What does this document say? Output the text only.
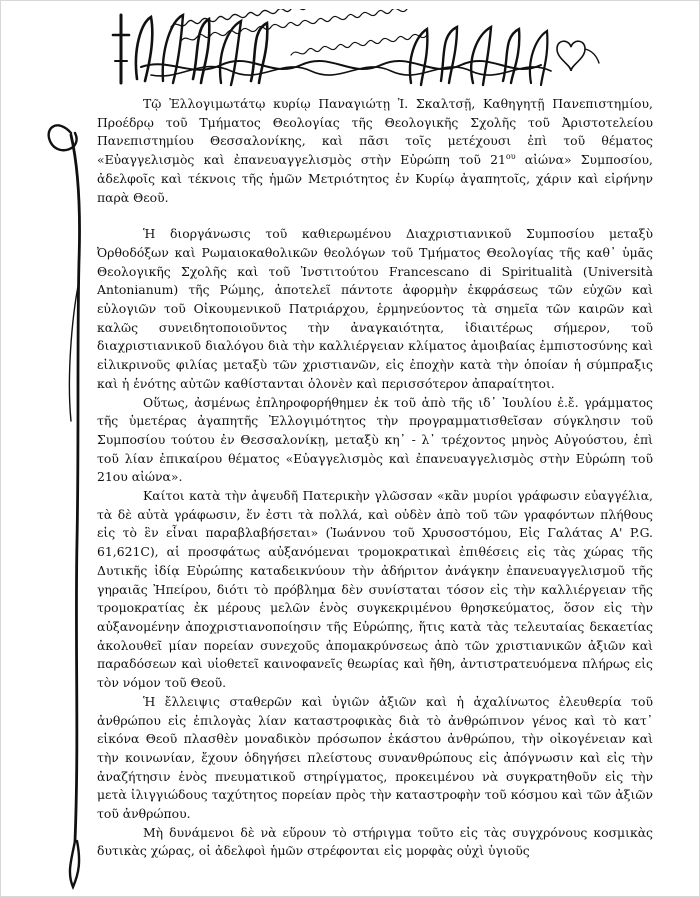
Τῷ Ἐλλογιμωτάτῳ κυρίῳ Παναγιώτῃ Ἰ. Σκαλτσῇ, Καθηγητῇ Πανεπιστημίου, Προέδρῳ τοῦ Τμήματος Θεολογίας τῆς Θεολογικῆς Σχολῆς τοῦ Ἀριστοτελείου Πανεπιστημίου Θεσσαλονίκης, καὶ πᾶσι τοῖς μετέχουσι ἐπὶ τοῦ θέματος «Εὐαγγελισμὸς καὶ ἐπανευαγγελισμὸς στὴν Εὐρώπη τοῦ $21^{o\upsilon}$ αἰώνα» Συμποσίου, ἀδελφοῖς καὶ τέκνοις τῆς ἡμῶν Μετριότητος ἐν Κυρίῳ ἀγαπητοῖς, χάριν καὶ εἰρήνην παρὰ Θεοῦ.

Ἡ διοργάνωσις τοῦ καθιερωμένου Διαχριστιανικοῦ Συμποσίου μεταξὺ Ὀρθοδόξων καὶ Ρωμαιοκαθολικῶν θεολόγων τοῦ Τμήματος Θεολογίας τῆς καθ᾽ ὑμᾶς Θεολογικῆς Σχολῆς καὶ τοῦ Ἰνστιτούτου Francescano di Spiritualità (Università Antonianum) τῆς Ρώμης, ἀποτελεῖ πάντοτε ἀφορμὴν ἐκφράσεως τῶν εὐχῶν καὶ εὐλογιῶν τοῦ Οἰκουμενικοῦ Πατριάρχου, ἑρμηνεύοντος τὰ σημεῖα τῶν καιρῶν καὶ καλῶς συνειδητοποιοῦντος τὴν ἀναγκαιότητα, ἰδιαιτέρως σήμερον, τοῦ διαχριστιανικοῦ διαλόγου διὰ τὴν καλλιέργειαν κλίματος ἀμοιβαίας ἐμπιστοσύνης καὶ εἰλικρινοῦς φιλίας μεταξὺ τῶν χριστιανῶν, εἰς ἐποχὴν κατὰ τὴν ὁποίαν ἡ σύμπραξις καὶ ἡ ἑνότης αὐτῶν καθίστανται ὁλονὲν καὶ περισσότερον ἀπαραίτητοι.

Οὕτως, ἀσμένως ἐπληροφορήθημεν ἐκ τοῦ ἀπὸ τῆς ιδ᾽ Ἰουλίου ἐ.ἔ. γράμματος τῆς ὑμετέρας ἀγαπητῆς Ἐλλογιμότητος τὴν προγραμματισθεῖσαν σύγκλησιν τοῦ Συμποσίου τούτου ἐν Θεσσαλονίκῃ, μεταξὺ κη᾽ - λ᾽ τρέχοντος μηνὸς Αὐγούστου, ἐπὶ τοῦ λίαν ἐπικαίρου θέματος «Εὐαγγελισμὸς καὶ ἐπανευαγγελισμὸς στὴν Εὐρώπη τοῦ 21ου αἰώνα».

Καίτοι κατὰ τὴν ἀψευδῆ Πατερικὴν γλῶσσαν «κἂν μυρίοι γράφωσιν εὐαγγέλια, τὰ δὲ αὐτὰ γράφωσιν, ἕν ἐστι τὰ πολλά, καὶ οὐδὲν ἀπὸ τοῦ τῶν γραφόντων πλήθους εἰς τὸ ἓν εἶναι παραβλαβήσεται» (Ἰωάννου τοῦ Χρυσοστόμου, Εἰς Γαλάτας Α' P.G. 61,621C), αἱ προσφάτως αὐξανόμεναι τρομοκρατικαὶ ἐπιθέσεις εἰς τὰς χώρας τῆς Δυτικῆς ἰδίᾳ Εὐρώπης καταδεικνύουν τὴν ἀδήριτον ἀνάγκην ἐπανευαγγελισμοῦ τῆς γηραιᾶς Ἠπείρου, διότι τὸ πρόβλημα δὲν συνίσταται τόσον εἰς τὴν καλλιέργειαν τῆς τρομοκρατίας ἐκ μέρους μελῶν ἑνὸς συγκεκριμένου θρησκεύματος, ὅσον εἰς τὴν αὐξανομένην ἀποχριστιανοποίησιν τῆς Εὐρώπης, ἥτις κατὰ τὰς τελευταίας δεκαετίας ἀκολουθεῖ μίαν πορείαν συνεχοῦς ἀπομακρύνσεως ἀπὸ τῶν χριστιανικῶν ἀξιῶν καὶ παραδόσεων καὶ υἱοθετεῖ καινοφανεῖς θεωρίας καὶ ἤθη, ἀντιστρατευόμενα πλήρως εἰς τὸν νόμον τοῦ Θεοῦ.

Ἡ ἔλλειψις σταθερῶν καὶ ὑγιῶν ἀξιῶν καὶ ἡ ἀχαλίνωτος ἐλευθερία τοῦ ἀνθρώπου εἰς ἐπιλογὰς λίαν καταστροφικὰς διὰ τὸ ἀνθρώπινον γένος καὶ τὸ κατ᾽ εἰκόνα Θεοῦ πλασθὲν μοναδικὸν πρόσωπον ἑκάστου ἀνθρώπου, τὴν οἰκογένειαν καὶ τὴν κοινωνίαν, ἔχουν ὁδηγήσει πλείστους συνανθρώπους εἰς ἀπόγνωσιν καὶ εἰς τὴν ἀναζήτησιν ἑνὸς πνευματικοῦ στηρίγματος, προκειμένου νὰ συγκρατηθοῦν εἰς τὴν μετὰ ἰλιγγιώδους ταχύτητος πορείαν πρὸς τὴν καταστροφὴν τοῦ κόσμου καὶ τῶν ἀξιῶν τοῦ ἀνθρώπου.

Μὴ δυνάμενοι δὲ νὰ εὕρουν τὸ στήριγμα τοῦτο εἰς τὰς συγχρόνους κοσμικὰς δυτικὰς χώρας, οἱ ἀδελφοὶ ἡμῶν στρέφονται εἰς μορφὰς οὐχὶ ὑγιοῦς
